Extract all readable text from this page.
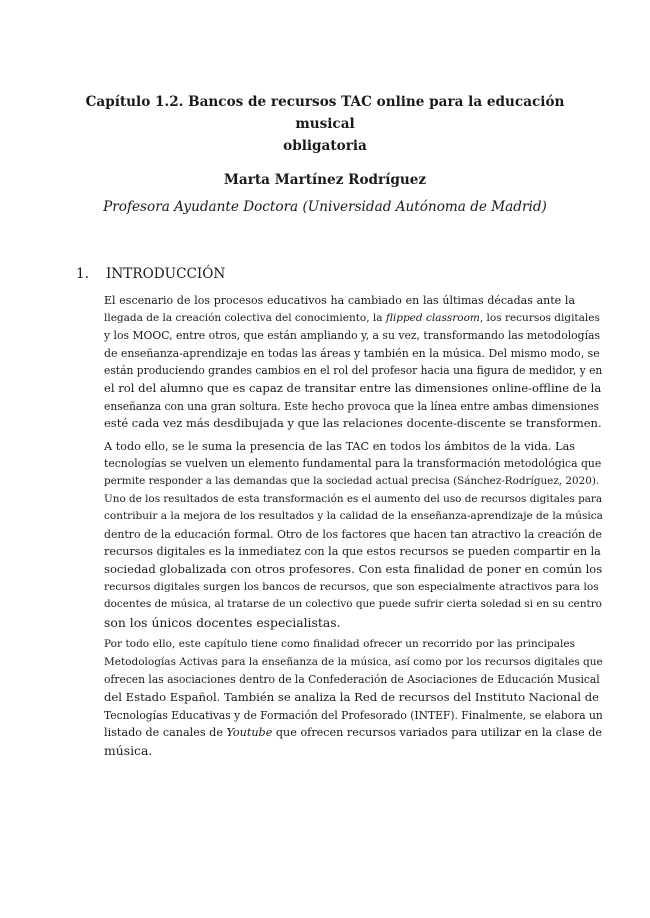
Capítulo 1.2. Bancos de recursos TAC online para la educación musical
obligatoria
Marta Martínez Rodríguez
Profesora Ayudante Doctora (Universidad Autónoma de Madrid)
1. INTRODUCCIÓN

El escenario de los procesos educativos ha cambiado en las últimas décadas ante la
llegada de la creación colectiva del conocimiento, la flipped classroom, los recursos digitales
y los MOOC, entre otros, que están ampliando y, a su vez, transformando las metodologías
de enseñanza-aprendizaje en todas las áreas y también en la música. Del mismo modo, se
están produciendo grandes cambios en el rol del profesor hacia una figura de medidor, y en
el rol del alumno que es capaz de transitar entre las dimensiones online-offline de la
enseñanza con una gran soltura. Este hecho provoca que la línea entre ambas dimensiones
esté cada vez más desdibujada y que las relaciones docente-discente se transformen.

A todo ello, se le suma la presencia de las TAC en todos los ámbitos de la vida. Las
tecnologías se vuelven un elemento fundamental para la transformación metodológica que
permite responder a las demandas que la sociedad actual precisa (Sánchez-Rodríguez, 2020).
Uno de los resultados de esta transformación es el aumento del uso de recursos digitales para
contribuir a la mejora de los resultados y la calidad de la enseñanza-aprendizaje de la música
dentro de la educación formal. Otro de los factores que hacen tan atractivo la creación de
recursos digitales es la inmediatez con la que estos recursos se pueden compartir en la
sociedad globalizada con otros profesores. Con esta finalidad de poner en común los
recursos digitales surgen los bancos de recursos, que son especialmente atractivos para los
docentes de música, al tratarse de un colectivo que puede sufrir cierta soledad si en su centro
son los únicos docentes especialistas.

Por todo ello, este capítulo tiene como finalidad ofrecer un recorrido por las principales
Metodologías Activas para la enseñanza de la música, así como por los recursos digitales que
ofrecen las asociaciones dentro de la Confederación de Asociaciones de Educación Musical
del Estado Español. También se analiza la Red de recursos del Instituto Nacional de
Tecnologías Educativas y de Formación del Profesorado (INTEF). Finalmente, se elabora un
listado de canales de Youtube que ofrecen recursos variados para utilizar en la clase de
música.
